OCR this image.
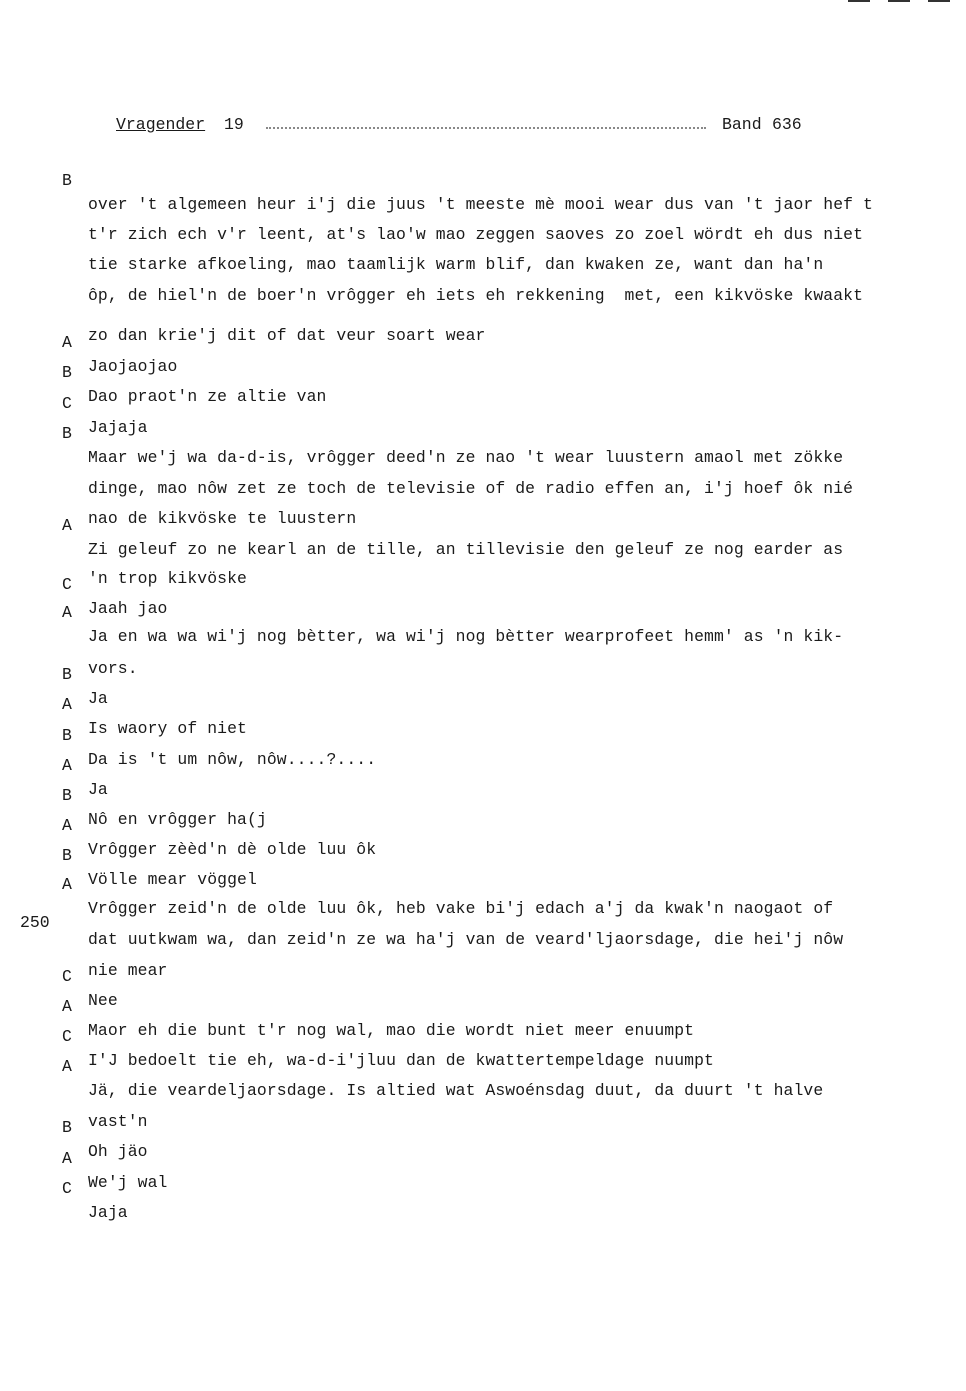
Vragender 19	Band 636
250

B

over 't algemeen heur i'j die juus 't meeste mè mooi wear dus van 't jaor hef t

t'r zich ech v'r leent, at's lao'w mao zeggen saoves zo zoel wördt eh dus niet

tie starke afkoeling, mao taamlijk warm blif, dan kwaken ze, want dan ha'n

ôp, de hiel'n de boer'n vrôgger eh iets eh rekkening  met, een kikvöske kwaakt

zo dan krie'j dit of dat veur soart wear

A

Jaojaojao

B

Dao praot'n ze altie van

C

Jajaja

B

Maar we'j wa da-d-is, vrôgger deed'n ze nao 't wear luustern amaol met zökke

dinge, mao nôw zet ze toch de televisie of de radio effen an, i'j hoef ôk nié

nao de kikvöske te luustern

A

Zi geleuf zo ne kearl an de tille, an tillevisie den geleuf ze nog earder as

'n trop kikvöske

C

Jaah jao

A

Ja en wa wa wi'j nog bètter, wa wi'j nog bètter wearprofeet hemm' as 'n kik-

vors.

B

Ja

A

Is waory of niet

B

Da is 't um nôw, nôw....?....

A

Ja

B

Nô en vrôgger ha(j

A

Vrôgger zèèd'n dè olde luu ôk

B

Völle mear vöggel

A

Vrôgger zeid'n de olde luu ôk, heb vake bi'j edach a'j da kwak'n naogaot of

dat uutkwam wa, dan zeid'n ze wa ha'j van de veard'ljaorsdage, die hei'j nôw

nie mear

C

Nee

A

Maor eh die bunt t'r nog wal, mao die wordt niet meer enuumpt

C

I'J bedoelt tie eh, wa-d-i'jluu dan de kwattertempeldage nuumpt

A

Jä, die veardeljaorsdage. Is altied wat Aswoénsdag duut, da duurt 't halve

vast'n

B

Oh jäo

A

We'j wal

C

Jaja
